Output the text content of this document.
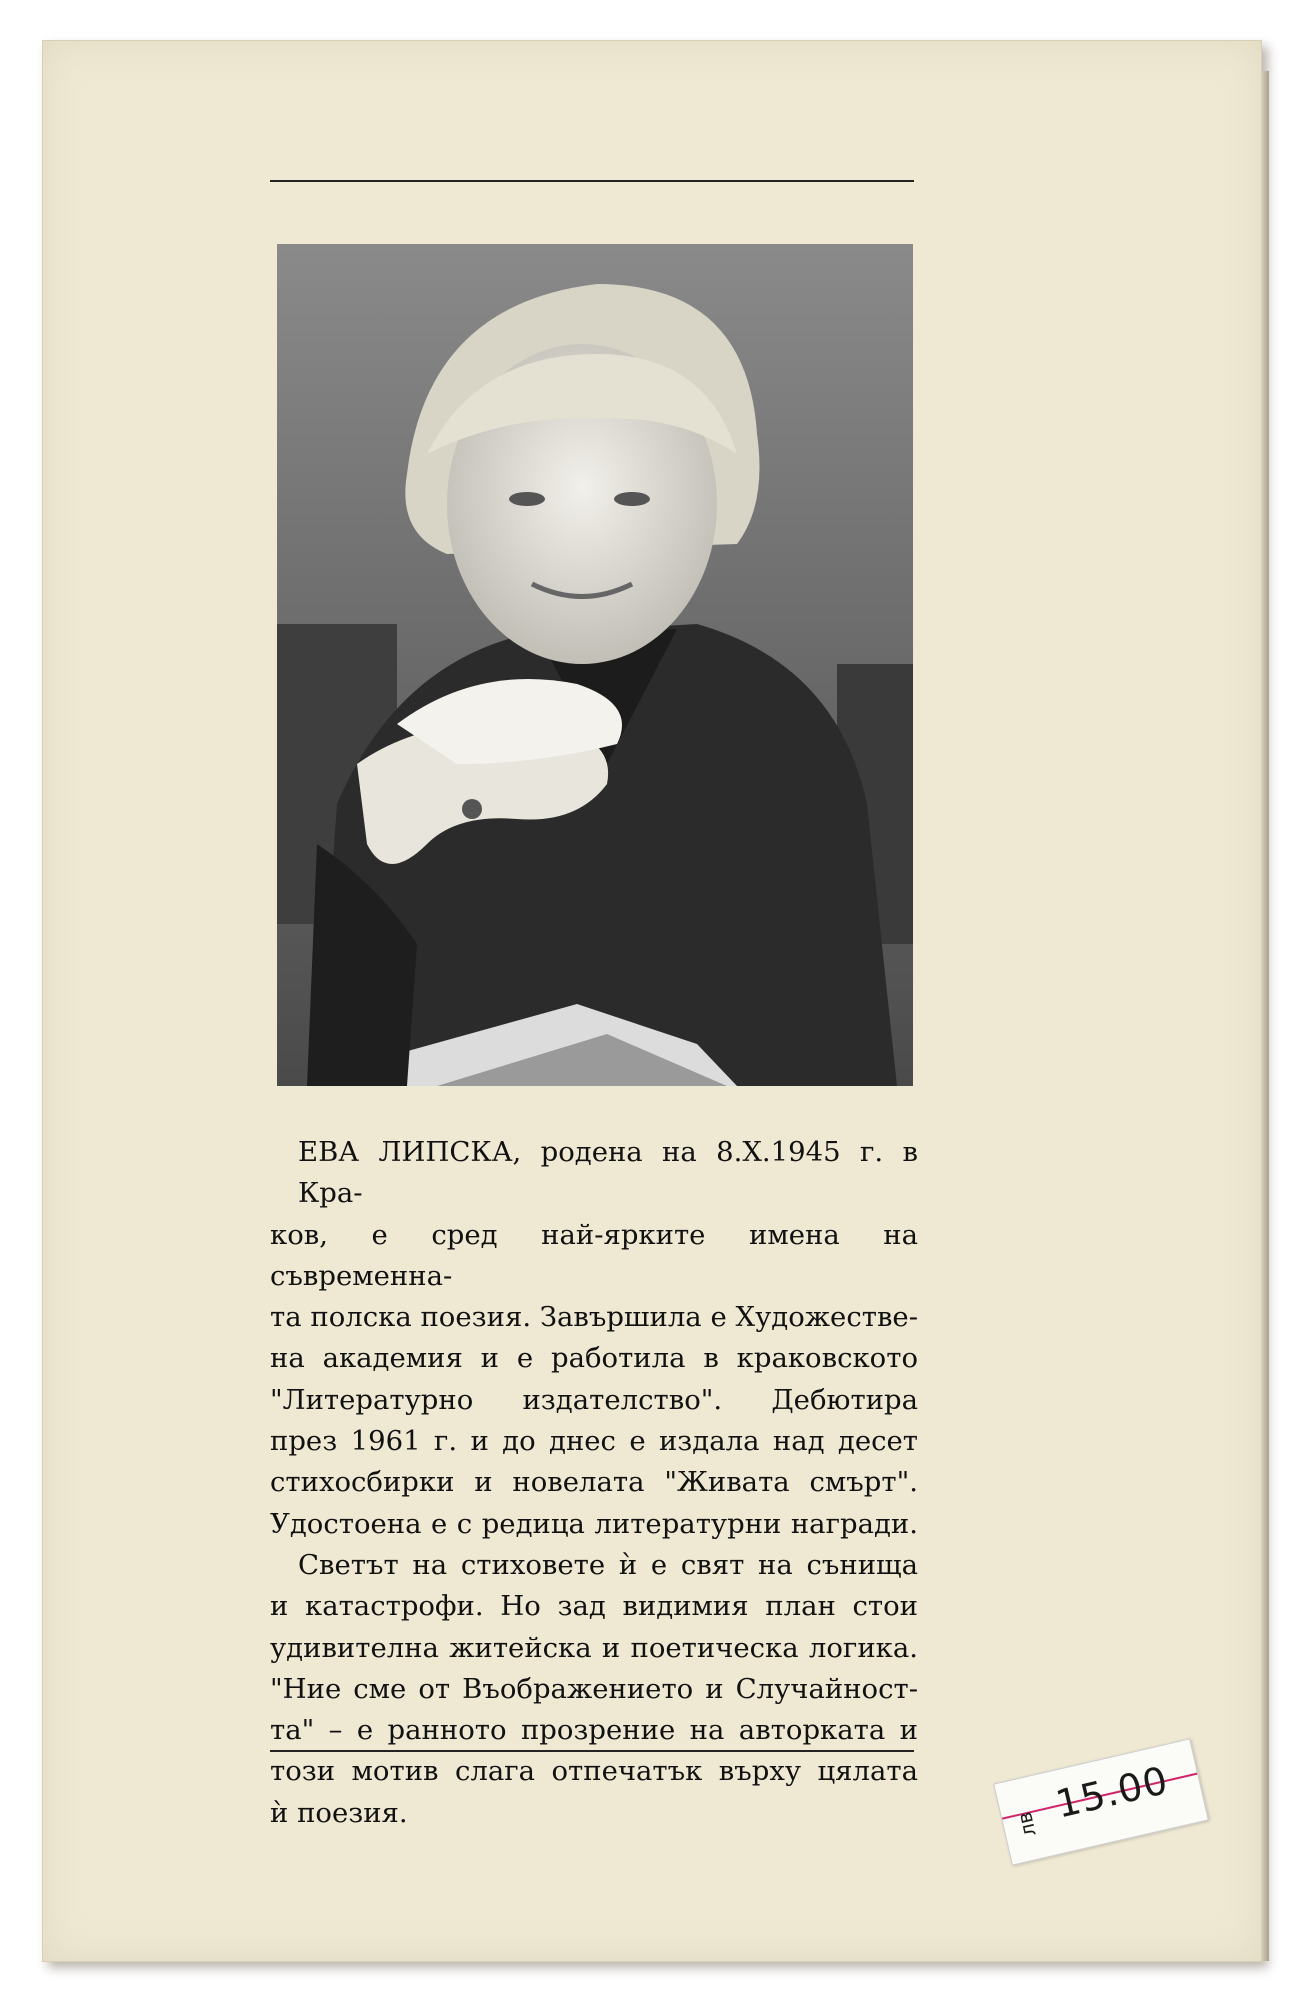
ЕВА ЛИПСКА, родена на 8.X.1945 г. в Кра-

ков, е сред най-ярките имена на съвременна-

та полска поезия. Завършила е Художестве-

на академия и е работила в краковското

"Литературно издателство". Дебютира

през 1961 г. и до днес е издала над десет

стихосбирки и новелата "Живата смърт".

Удостоена е с редица литературни награди.

Светът на стиховете ѝ е свят на сънища

и катастрофи. Но зад видимия план стои

удивителна житейска и поетическа логика.

"Ние сме от Въображението и Случайност-

та" – е ранното прозрение на авторката и

този мотив слага отпечатък върху цялата

ѝ поезия.	лв 15.00
